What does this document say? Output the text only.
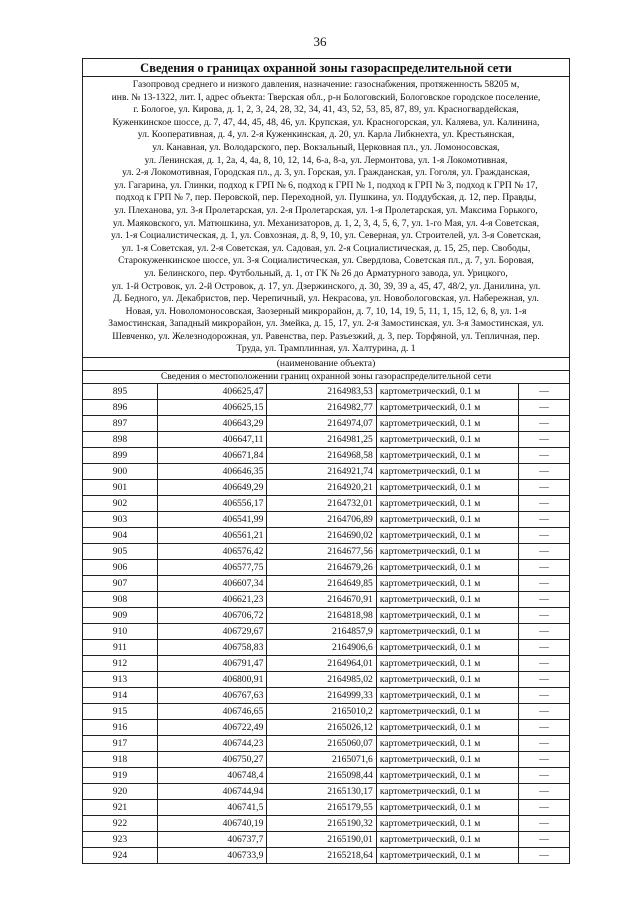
36
Сведения о границах охранной зоны газораспределительной сети
Газопровод среднего и низкого давления, назначение: газоснабжения, протяженность 58205 м,
инв. № 13-1322, лит. I, адрес объекта: Тверская обл., р-н Бологовский, Бологовское городское поселение,
г. Бологое, ул. Кирова, д. 1, 2, 3, 24, 28, 32, 34, 41, 43, 52, 53, 85, 87, 89, ул. Красногвардейская,
Куженкинское шоссе, д. 7, 47, 44, 45, 48, 46, ул. Крупская, ул. Красногорская, ул. Каляева, ул. Калинина,
ул. Кооперативная, д. 4, ул. 2-я Куженкинская, д. 20, ул. Карла Либкнехта, ул. Крестьянская,
ул. Канавная, ул. Володарского, пер. Вокзальный, Церковная пл., ул. Ломоносовская,
ул. Ленинская, д. 1, 2а, 4, 4а, 8, 10, 12, 14, 6-а, 8-а, ул. Лермонтова, ул. 1-я Локомотивная,
ул. 2-я Локомотивная, Городская пл., д. 3, ул. Горская, ул. Гражданская, ул. Гоголя, ул. Гражданская,
ул. Гагарина, ул. Глинки, подход к ГРП № 6, подход к ГРП № 1, подход к ГРП № 3, подход к ГРП № 17,
подход к ГРП № 7, пер. Перовской, пер. Переходной, ул. Пушкина, ул. Поддубская, д. 12, пер. Правды,
ул. Плеханова, ул. 3-я Пролетарская, ул. 2-я Пролетарская, ул. 1-я Пролетарская, ул. Максима Горького,
ул. Маяковского, ул. Матюшкина, ул. Механизаторов, д. 1, 2, 3, 4, 5, 6, 7, ул. 1-го Мая, ул. 4-я Советская,
ул. 1-я Социалистическая, д. 1, ул. Совхозная, д. 8, 9, 10, ул. Северная, ул. Строителей, ул. 3-я Советская,
ул. 1-я Советская, ул. 2-я Советская, ул. Садовая, ул. 2-я Социалистическая, д. 15, 25, пер. Свободы,
Старокуженкинское шоссе, ул. 3-я Социалистическая, ул. Свердлова, Советская пл., д. 7, ул. Боровая,
ул. Белинского, пер. Футбольный, д. 1, от ГК № 26 до Арматурного завода, ул. Урицкого,
ул. 1-й Островок, ул. 2-й Островок, д. 17, ул. Дзержинского, д. 30, 39, 39 а, 45, 47, 48/2, ул. Данилина, ул.
Д. Бедного, ул. Декабристов, пер. Черепичный, ул. Некрасова, ул. Новобологовская, ул. Набережная, ул.
Новая, ул. Новоломоносовская, Заозерный микрорайон, д. 7, 10, 14, 19, 5, 11, 1, 15, 12, 6, 8, ул. 1-я
Замостинская, Западный микрорайон, ул. Змейка, д. 15, 17, ул. 2-я Замостинская, ул. 3-я Замостинская, ул.
Шевченко, ул. Железнодорожная, ул. Равенства, пер. Разъезжий, д. 3, пер. Торфяной, ул. Тепличная, пер.
Труда, ул. Трамплинная, ул. Халтурина, д. 1
(наименование объекта)
Сведения о местоположении границ охранной зоны газораспределительной сети
895	406625,47	2164983,53	картометрический, 0.1 м	—
896	406625,15	2164982,77	картометрический, 0.1 м	—
897	406643,29	2164974,07	картометрический, 0.1 м	—
898	406647,11	2164981,25	картометрический, 0.1 м	—
899	406671,84	2164968,58	картометрический, 0.1 м	—
900	406646,35	2164921,74	картометрический, 0.1 м	—
901	406649,29	2164920,21	картометрический, 0.1 м	—
902	406556,17	2164732,01	картометрический, 0.1 м	—
903	406541,99	2164706,89	картометрический, 0.1 м	—
904	406561,21	2164690,02	картометрический, 0.1 м	—
905	406576,42	2164677,56	картометрический, 0.1 м	—
906	406577,75	2164679,26	картометрический, 0.1 м	—
907	406607,34	2164649,85	картометрический, 0.1 м	—
908	406621,23	2164670,91	картометрический, 0.1 м	—
909	406706,72	2164818,98	картометрический, 0.1 м	—
910	406729,67	2164857,9	картометрический, 0.1 м	—
911	406758,83	2164906,6	картометрический, 0.1 м	—
912	406791,47	2164964,01	картометрический, 0.1 м	—
913	406800,91	2164985,02	картометрический, 0.1 м	—
914	406767,63	2164999,33	картометрический, 0.1 м	—
915	406746,65	2165010,2	картометрический, 0.1 м	—
916	406722,49	2165026,12	картометрический, 0.1 м	—
917	406744,23	2165060,07	картометрический, 0.1 м	—
918	406750,27	2165071,6	картометрический, 0.1 м	—
919	406748,4	2165098,44	картометрический, 0.1 м	—
920	406744,94	2165130,17	картометрический, 0.1 м	—
921	406741,5	2165179,55	картометрический, 0.1 м	—
922	406740,19	2165190,32	картометрический, 0.1 м	—
923	406737,7	2165190,01	картометрический, 0.1 м	—
924	406733,9	2165218,64	картометрический, 0.1 м	—
